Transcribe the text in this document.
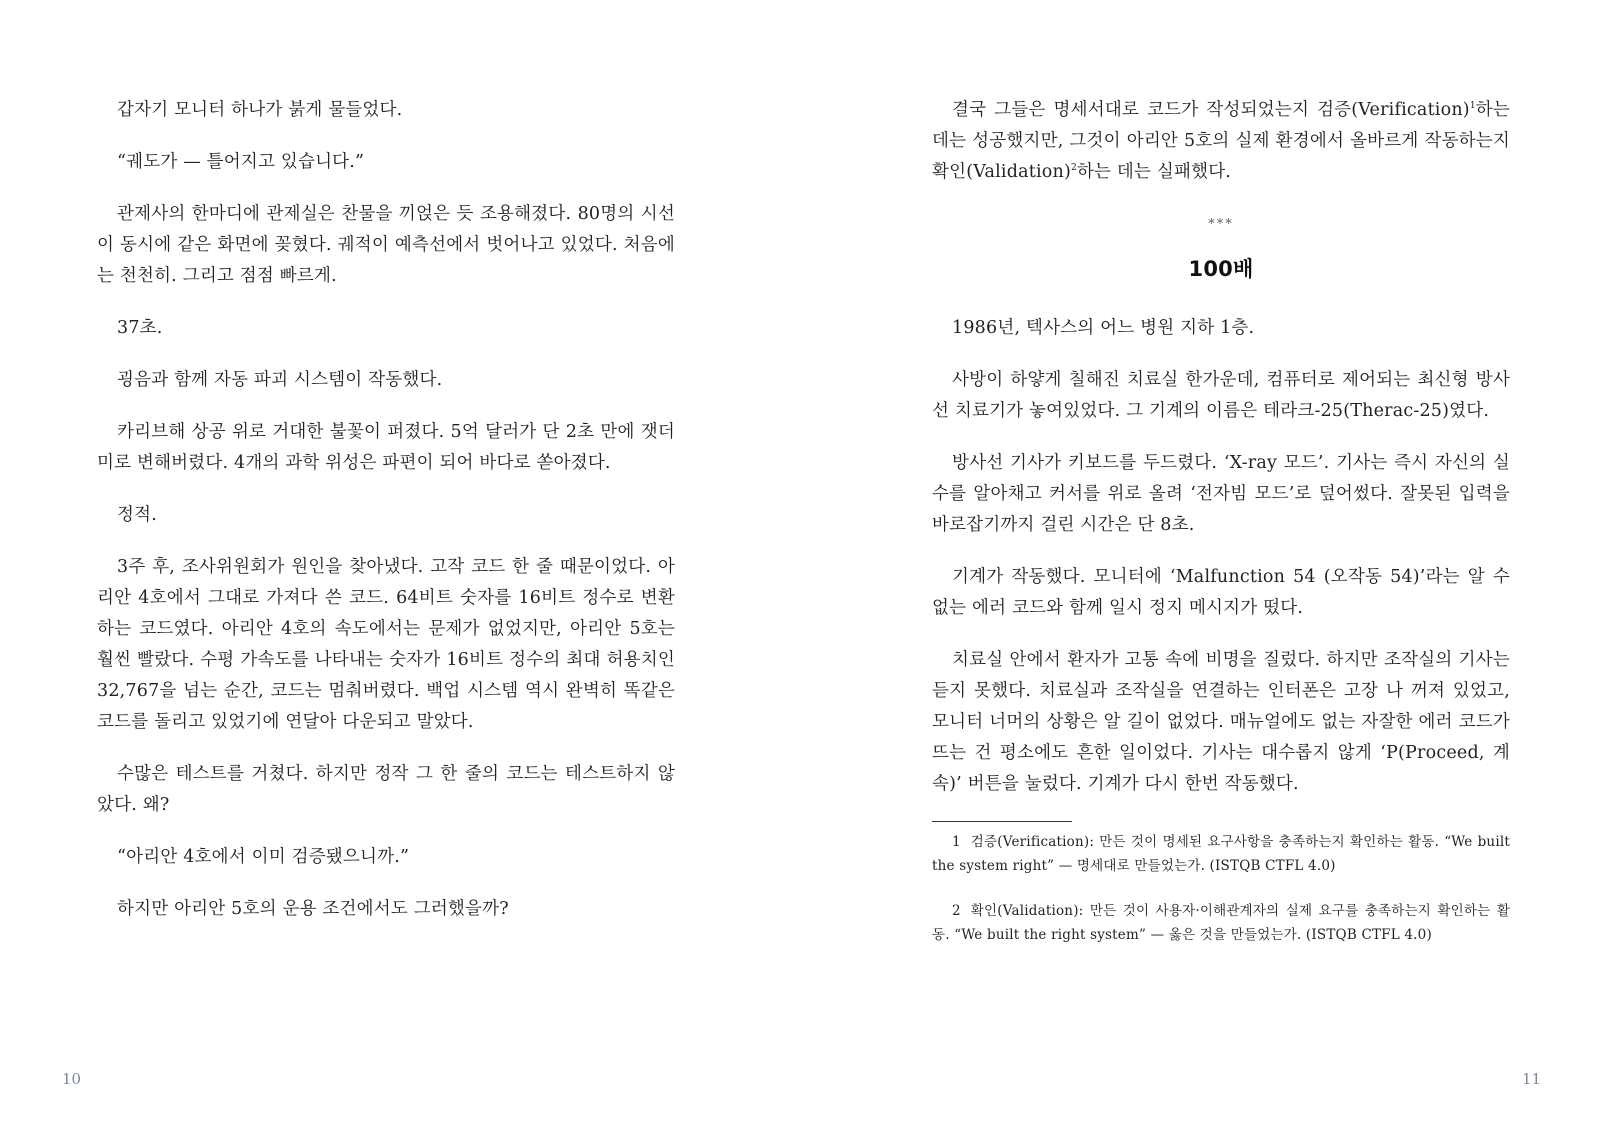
갑자기 모니터 하나가 붉게 물들었다.

“궤도가 — 틀어지고 있습니다.”

관제사의 한마디에 관제실은 찬물을 끼얹은 듯 조용해졌다. 80명의 시선이 동시에 같은 화면에 꽂혔다. 궤적이 예측선에서 벗어나고 있었다. 처음에는 천천히. 그리고 점점 빠르게.

37초.

굉음과 함께 자동 파괴 시스템이 작동했다.

카리브해 상공 위로 거대한 불꽃이 퍼졌다. 5억 달러가 단 2초 만에 잿더미로 변해버렸다. 4개의 과학 위성은 파편이 되어 바다로 쏟아졌다.

정적.

3주 후, 조사위원회가 원인을 찾아냈다. 고작 코드 한 줄 때문이었다. 아리안 4호에서 그대로 가져다 쓴 코드. 64비트 숫자를 16비트 정수로 변환하는 코드였다. 아리안 4호의 속도에서는 문제가 없었지만, 아리안 5호는 훨씬 빨랐다. 수평 가속도를 나타내는 숫자가 16비트 정수의 최대 허용치인 32,767을 넘는 순간, 코드는 멈춰버렸다. 백업 시스템 역시 완벽히 똑같은 코드를 돌리고 있었기에 연달아 다운되고 말았다.

수많은 테스트를 거쳤다. 하지만 정작 그 한 줄의 코드는 테스트하지 않았다. 왜?

“아리안 4호에서 이미 검증됐으니까.”

하지만 아리안 5호의 운용 조건에서도 그러했을까?

10

결국 그들은 명세서대로 코드가 작성되었는지 검증(Verification)$^1$하는 데는 성공했지만, 그것이 아리안 5호의 실제 환경에서 올바르게 작동하는지 확인(Validation)$^2$하는 데는 실패했다.

***
100배

1986년, 텍사스의 어느 병원 지하 1층.

사방이 하얗게 칠해진 치료실 한가운데, 컴퓨터로 제어되는 최신형 방사선 치료기가 놓여있었다. 그 기계의 이름은 테라크-25(Therac-25)였다.

방사선 기사가 키보드를 두드렸다. ‘X-ray 모드’. 기사는 즉시 자신의 실수를 알아채고 커서를 위로 올려 ‘전자빔 모드’로 덮어썼다. 잘못된 입력을 바로잡기까지 걸린 시간은 단 8초.

기계가 작동했다. 모니터에 ‘Malfunction 54 (오작동 54)’라는 알 수 없는 에러 코드와 함께 일시 정지 메시지가 떴다.

치료실 안에서 환자가 고통 속에 비명을 질렀다. 하지만 조작실의 기사는 듣지 못했다. 치료실과 조작실을 연결하는 인터폰은 고장 나 꺼져 있었고, 모니터 너머의 상황은 알 길이 없었다. 매뉴얼에도 없는 자잘한 에러 코드가 뜨는 건 평소에도 흔한 일이었다. 기사는 대수롭지 않게 ‘P(Proceed, 계속)’ 버튼을 눌렀다. 기계가 다시 한번 작동했다.

1 검증(Verification): 만든 것이 명세된 요구사항을 충족하는지 확인하는 활동. “We built the system right” — 명세대로 만들었는가. (ISTQB CTFL 4.0)

2 확인(Validation): 만든 것이 사용자·이해관계자의 실제 요구를 충족하는지 확인하는 활동. “We built the right system” — 옳은 것을 만들었는가. (ISTQB CTFL 4.0)

11
